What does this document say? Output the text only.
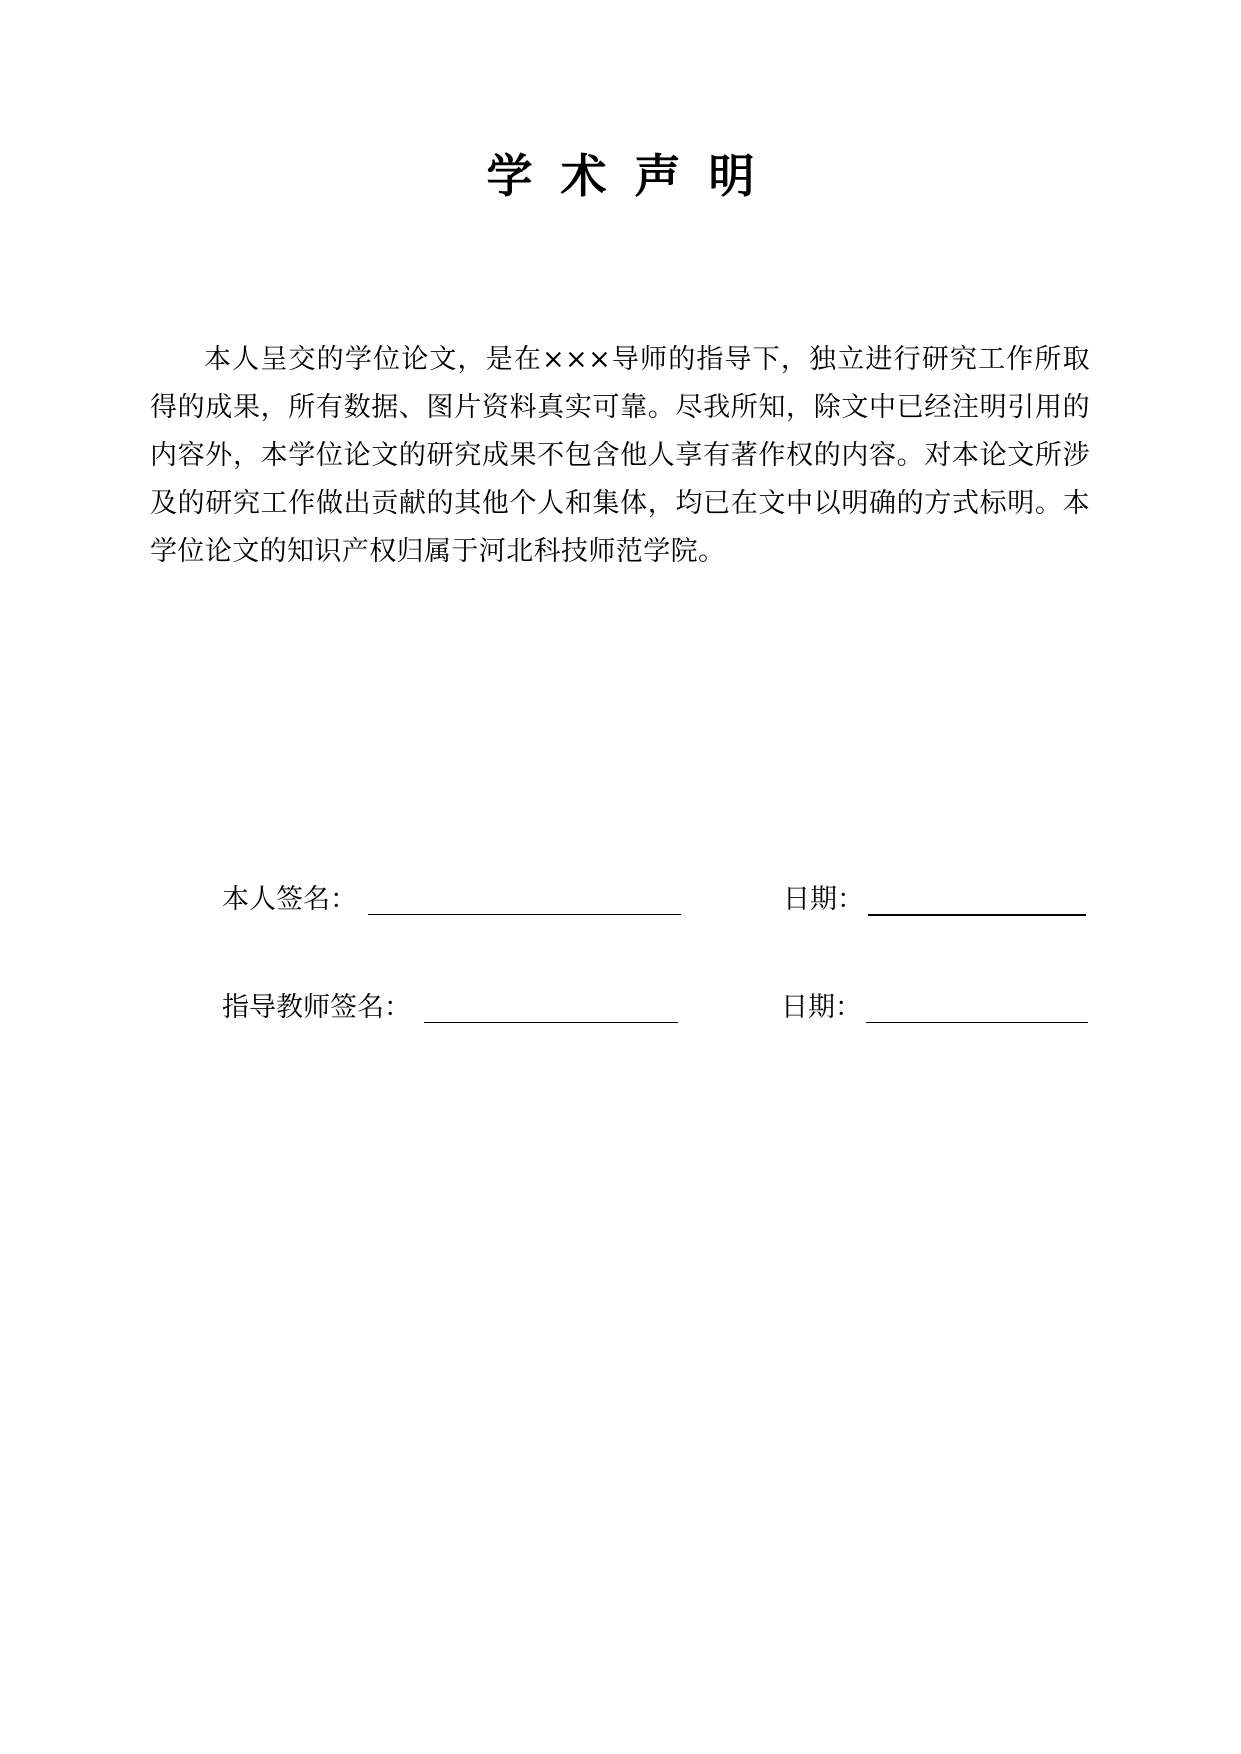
学术声明

本人呈交的学位论文，是在×××导师的指导下，独立进行研究工作所取得的成果，所有数据、图片资料真实可靠。尽我所知，除文中已经注明引用的内容外，本学位论文的研究成果不包含他人享有著作权的内容。对本论文所涉及的研究工作做出贡献的其他个人和集体，均已在文中以明确的方式标明。本学位论文的知识产权归属于河北科技师范学院。

本人签名：	日期：
指导教师签名：	日期：
